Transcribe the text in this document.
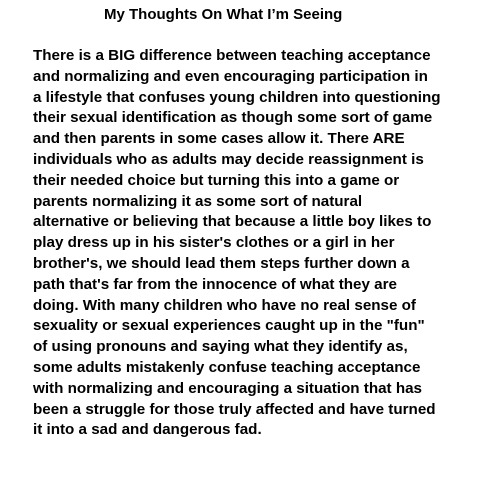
My Thoughts On What I’m Seeing
There is a BIG difference between teaching acceptance
and normalizing and even encouraging participation in
a lifestyle that confuses young children into questioning
their sexual identification as though some sort of game
and then parents in some cases allow it. There ARE
individuals who as adults may decide reassignment is
their needed choice but turning this into a game or
parents normalizing it as some sort of natural
alternative or believing that because a little boy likes to
play dress up in his sister's clothes or a girl in her
brother's, we should lead them steps further down a
path that's far from the innocence of what they are
doing. With many children who have no real sense of
sexuality or sexual experiences caught up in the "fun"
of using pronouns and saying what they identify as,
some adults mistakenly confuse teaching acceptance
with normalizing and encouraging a situation that has
been a struggle for those truly affected and have turned
it into a sad and dangerous fad.
